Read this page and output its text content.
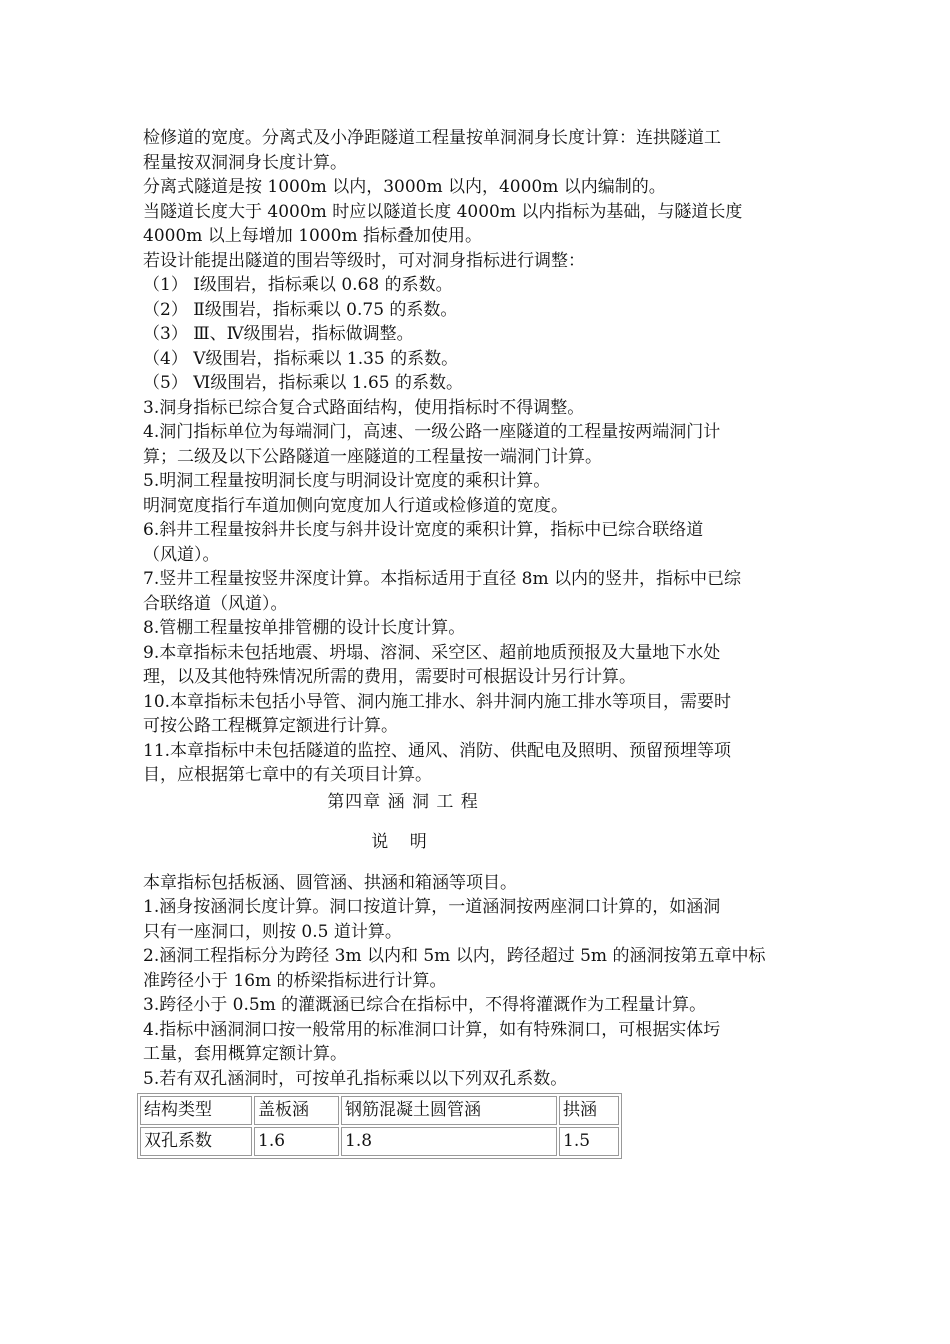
检修道的宽度。分离式及小净距隧道工程量按单洞洞身长度计算：连拱隧道工
程量按双洞洞身长度计算。
分离式隧道是按 1000m 以内，3000m 以内，4000m 以内编制的。
当隧道长度大于 4000m 时应以隧道长度 4000m 以内指标为基础，与隧道长度
4000m 以上每增加 1000m 指标叠加使用。
若设计能提出隧道的围岩等级时，可对洞身指标进行调整：
（1） Ⅰ级围岩，指标乘以 0.68 的系数。
（2） Ⅱ级围岩，指标乘以 0.75 的系数。
（3） Ⅲ、Ⅳ级围岩，指标做调整。
（4） Ⅴ级围岩，指标乘以 1.35 的系数。
（5） Ⅵ级围岩，指标乘以 1.65 的系数。
3.洞身指标已综合复合式路面结构，使用指标时不得调整。
4.洞门指标单位为每端洞门，高速、一级公路一座隧道的工程量按两端洞门计
算；二级及以下公路隧道一座隧道的工程量按一端洞门计算。
5.明洞工程量按明洞长度与明洞设计宽度的乘积计算。
明洞宽度指行车道加侧向宽度加人行道或检修道的宽度。
6.斜井工程量按斜井长度与斜井设计宽度的乘积计算，指标中已综合联络道
（风道）。
7.竖井工程量按竖井深度计算。本指标适用于直径 8m 以内的竖井，指标中已综
合联络道（风道）。
8.管棚工程量按单排管棚的设计长度计算。
9.本章指标未包括地震、坍塌、溶洞、采空区、超前地质预报及大量地下水处
理，以及其他特殊情况所需的费用，需要时可根据设计另行计算。
10.本章指标未包括小导管、洞内施工排水、斜井洞内施工排水等项目，需要时
可按公路工程概算定额进行计算。
11.本章指标中未包括隧道的监控、通风、消防、供配电及照明、预留预埋等项
目，应根据第七章中的有关项目计算。
第四章 涵 洞 工 程
说 明
本章指标包括板涵、圆管涵、拱涵和箱涵等项目。
1.涵身按涵洞长度计算。洞口按道计算，一道涵洞按两座洞口计算的，如涵洞
只有一座洞口，则按 0.5 道计算。
2.涵洞工程指标分为跨径 3m 以内和 5m 以内，跨径超过 5m 的涵洞按第五章中标
准跨径小于 16m 的桥梁指标进行计算。
3.跨径小于 0.5m 的灌溉涵已综合在指标中，不得将灌溉作为工程量计算。
4.指标中涵洞洞口按一般常用的标准洞口计算，如有特殊洞口，可根据实体圬
工量，套用概算定额计算。
5.若有双孔涵洞时，可按单孔指标乘以以下列双孔系数。
结构类型	盖板涵	钢筋混凝土圆管涵	拱涵
双孔系数	1.6	1.8	1.5
